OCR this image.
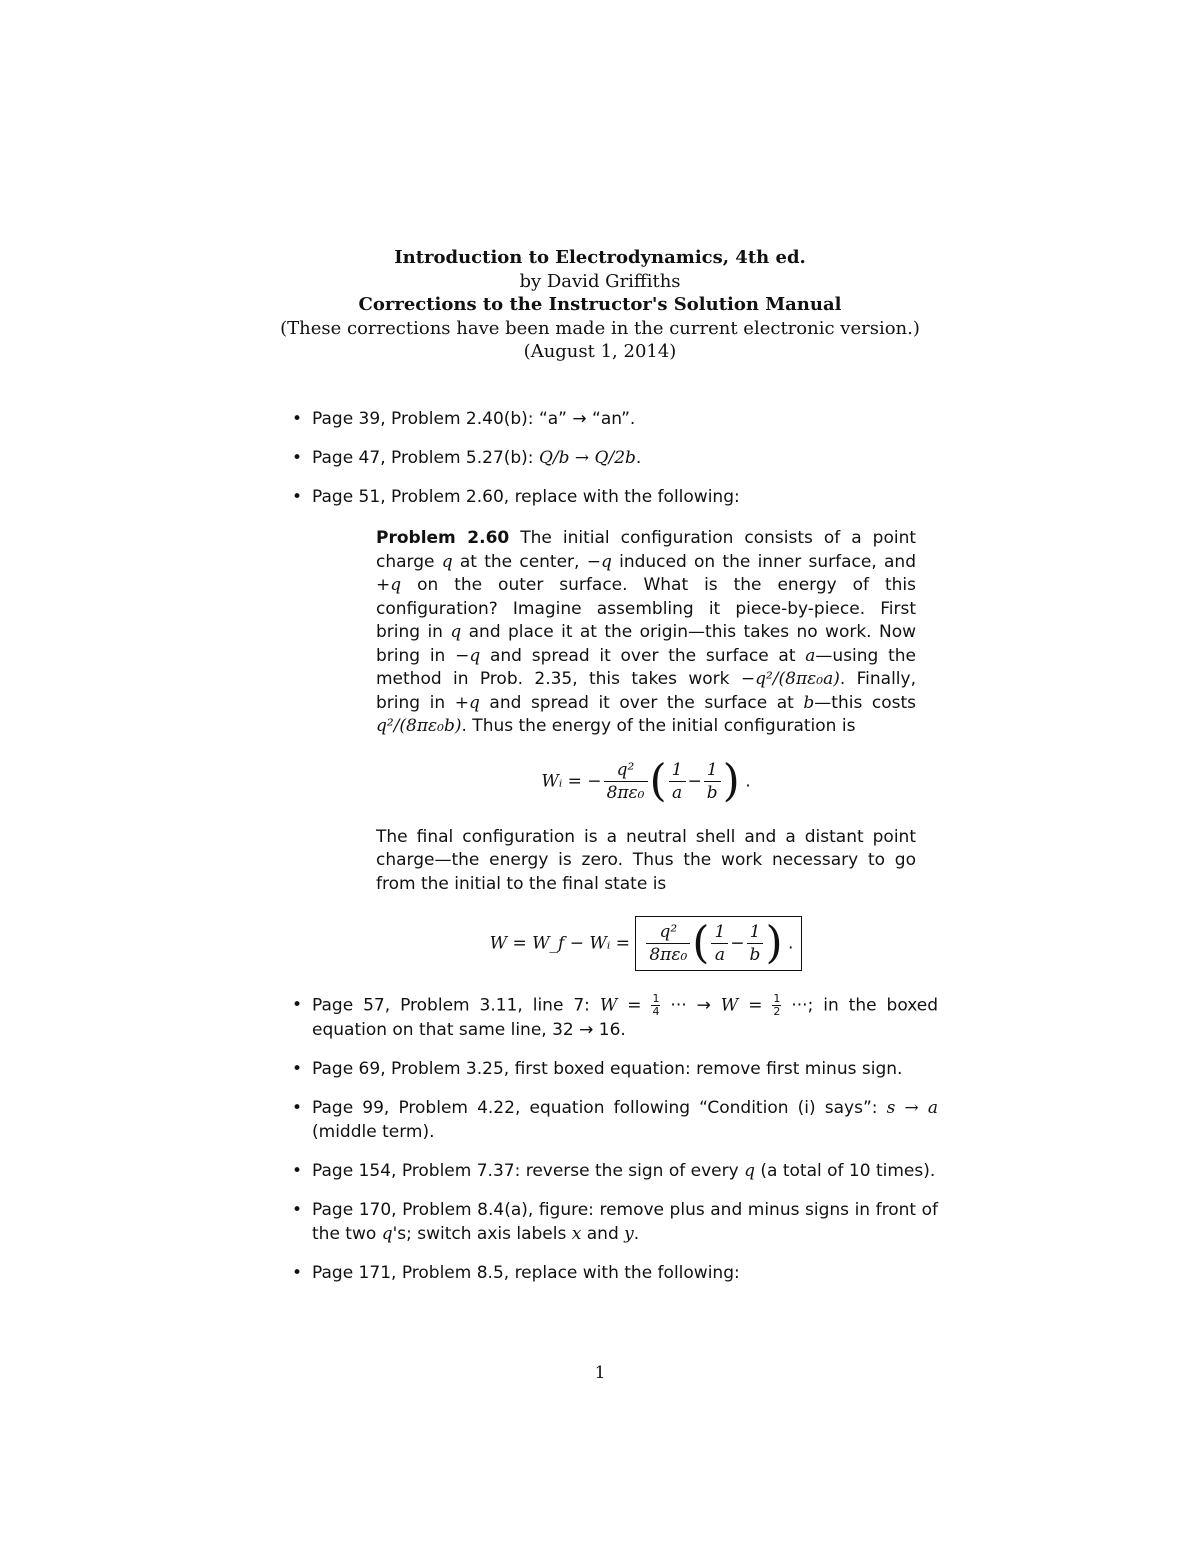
Introduction to Electrodynamics, 4th ed.
by David Griffiths
Corrections to the Instructor's Solution Manual
(These corrections have been made in the current electronic version.)
(August 1, 2014)
• Page 39, Problem 2.40(b): “a” → “an”.
• Page 47, Problem 5.27(b): Q/b → Q/2b.
• Page 51, Problem 2.60, replace with the following:
Problem 2.60 The initial configuration consists of a point charge q at the center, −q induced on the inner surface, and +q on the outer surface. What is the energy of this configuration? Imagine assembling it piece-by-piece. First bring in q and place it at the origin—this takes no work. Now bring in −q and spread it over the surface at a—using the method in Prob. 2.35, this takes work −q²/(8πε₀a). Finally, bring in +q and spread it over the surface at b—this costs q²/(8πε₀b). Thus the energy of the initial configuration is
Wᵢ = − $\frac{\text{q²}}{\text{8πε₀}}$ ( $\frac{1}{a} - \frac{1}{b}$ ) .
The final configuration is a neutral shell and a distant point charge—the energy is zero. Thus the work necessary to go from the initial to the final state is
W = W_f − Wᵢ = $\frac{\text{q²}}{\text{8πε₀}}$ ( $\frac{1}{a} - \frac{1}{b}$ ) .
• Page 57, Problem 3.11, line 7: $W = \frac{1}{4}$ ··· → $W = \frac{1}{2}$ ···; in the boxed equation on that same line, 32 → 16.
• Page 69, Problem 3.25, first boxed equation: remove first minus sign.
• Page 99, Problem 4.22, equation following “Condition (i) says”: s → a (middle term).
• Page 154, Problem 7.37: reverse the sign of every q (a total of 10 times).
• Page 170, Problem 8.4(a), figure: remove plus and minus signs in front of the two q's; switch axis labels x and y.
• Page 171, Problem 8.5, replace with the following:
1
